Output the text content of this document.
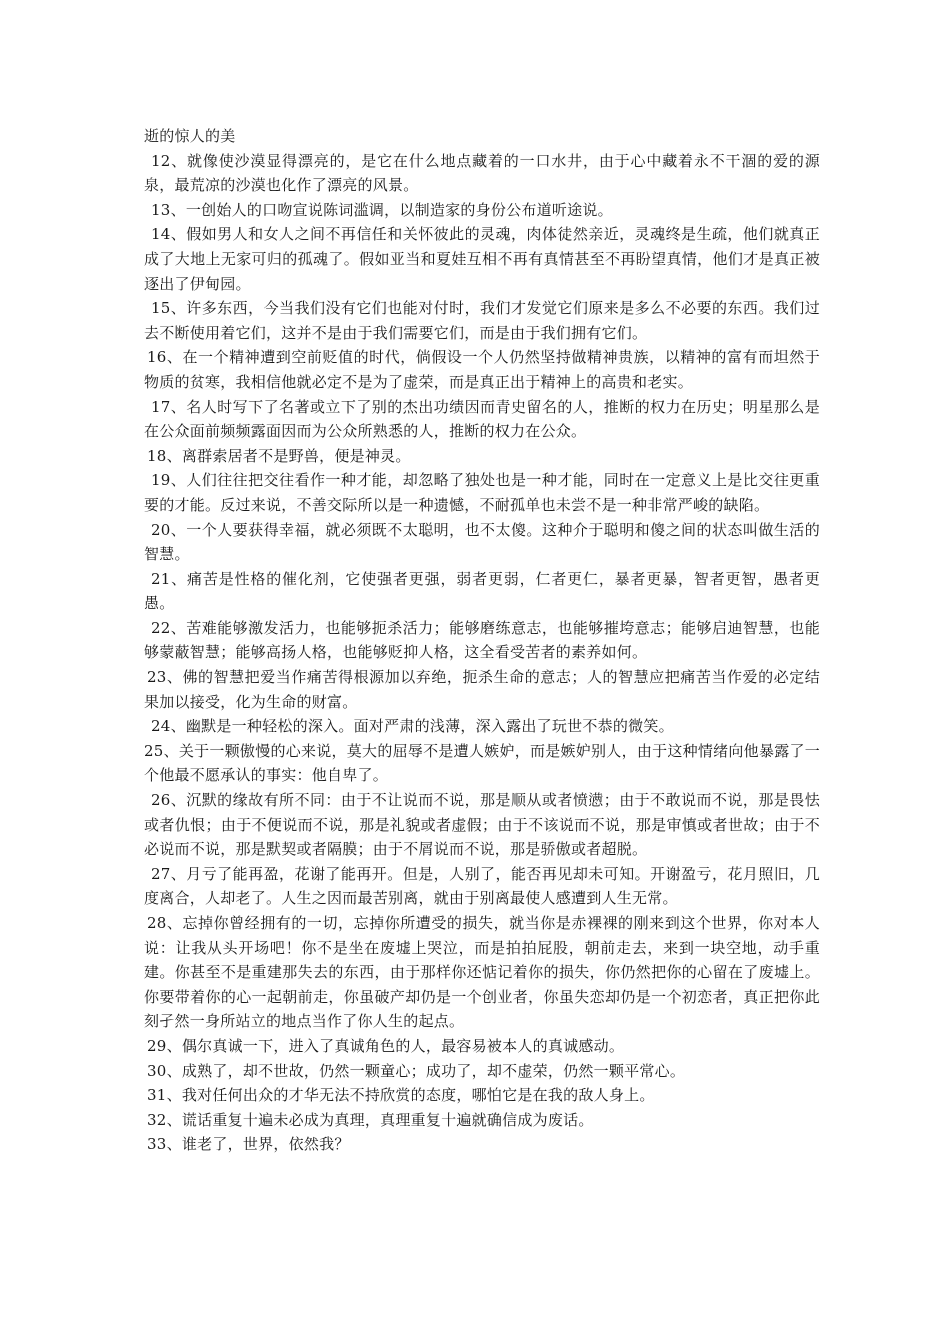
逝的惊人的美

12、就像使沙漠显得漂亮的，是它在什么地点藏着的一口水井，由于心中藏着永不干涸的爱的源泉，最荒凉的沙漠也化作了漂亮的风景。

13、一创始人的口吻宣说陈词滥调，以制造家的身份公布道听途说。

14、假如男人和女人之间不再信任和关怀彼此的灵魂，肉体徒然亲近，灵魂终是生疏，他们就真正成了大地上无家可归的孤魂了。假如亚当和夏娃互相不再有真情甚至不再盼望真情，他们才是真正被逐出了伊甸园。

15、许多东西，今当我们没有它们也能对付时，我们才发觉它们原来是多么不必要的东西。我们过去不断使用着它们，这并不是由于我们需要它们，而是由于我们拥有它们。

16、在一个精神遭到空前贬值的时代，倘假设一个人仍然坚持做精神贵族，以精神的富有而坦然于物质的贫寒，我相信他就必定不是为了虚荣，而是真正出于精神上的高贵和老实。

17、名人时写下了名著或立下了别的杰出功绩因而青史留名的人，推断的权力在历史；明星那么是在公众面前频频露面因而为公众所熟悉的人，推断的权力在公众。

18、离群索居者不是野兽，便是神灵。

19、人们往往把交往看作一种才能，却忽略了独处也是一种才能，同时在一定意义上是比交往更重要的才能。反过来说，不善交际所以是一种遗憾，不耐孤单也未尝不是一种非常严峻的缺陷。

20、一个人要获得幸福，就必须既不太聪明，也不太傻。这种介于聪明和傻之间的状态叫做生活的智慧。

21、痛苦是性格的催化剂，它使强者更强，弱者更弱，仁者更仁，暴者更暴，智者更智，愚者更愚。

22、苦难能够激发活力，也能够扼杀活力；能够磨练意志，也能够摧垮意志；能够启迪智慧，也能够蒙蔽智慧；能够高扬人格，也能够贬抑人格，这全看受苦者的素养如何。

23、佛的智慧把爱当作痛苦得根源加以弃绝，扼杀生命的意志；人的智慧应把痛苦当作爱的必定结果加以接受，化为生命的财富。

24、幽默是一种轻松的深入。面对严肃的浅薄，深入露出了玩世不恭的微笑。

25、关于一颗傲慢的心来说，莫大的屈辱不是遭人嫉妒，而是嫉妒别人，由于这种情绪向他暴露了一个他最不愿承认的事实：他自卑了。

26、沉默的缘故有所不同：由于不让说而不说，那是顺从或者愤懑；由于不敢说而不说，那是畏怯或者仇恨；由于不便说而不说，那是礼貌或者虚假；由于不该说而不说，那是审慎或者世故；由于不必说而不说，那是默契或者隔膜；由于不屑说而不说，那是骄傲或者超脱。

27、月亏了能再盈，花谢了能再开。但是，人别了，能否再见却未可知。开谢盈亏，花月照旧，几度离合，人却老了。人生之因而最苦别离，就由于别离最使人感遭到人生无常。

28、忘掉你曾经拥有的一切，忘掉你所遭受的损失，就当你是赤裸裸的刚来到这个世界，你对本人说：让我从头开场吧！你不是坐在废墟上哭泣，而是拍拍屁股，朝前走去，来到一块空地，动手重建。你甚至不是重建那失去的东西，由于那样你还惦记着你的损失，你仍然把你的心留在了废墟上。你要带着你的心一起朝前走，你虽破产却仍是一个创业者，你虽失恋却仍是一个初恋者，真正把你此刻孑然一身所站立的地点当作了你人生的起点。

29、偶尔真诚一下，进入了真诚角色的人，最容易被本人的真诚感动。

30、成熟了，却不世故，仍然一颗童心；成功了，却不虚荣，仍然一颗平常心。

31、我对任何出众的才华无法不持欣赏的态度，哪怕它是在我的敌人身上。

32、谎话重复十遍未必成为真理，真理重复十遍就确信成为废话。

33、谁老了，世界，依然我？
